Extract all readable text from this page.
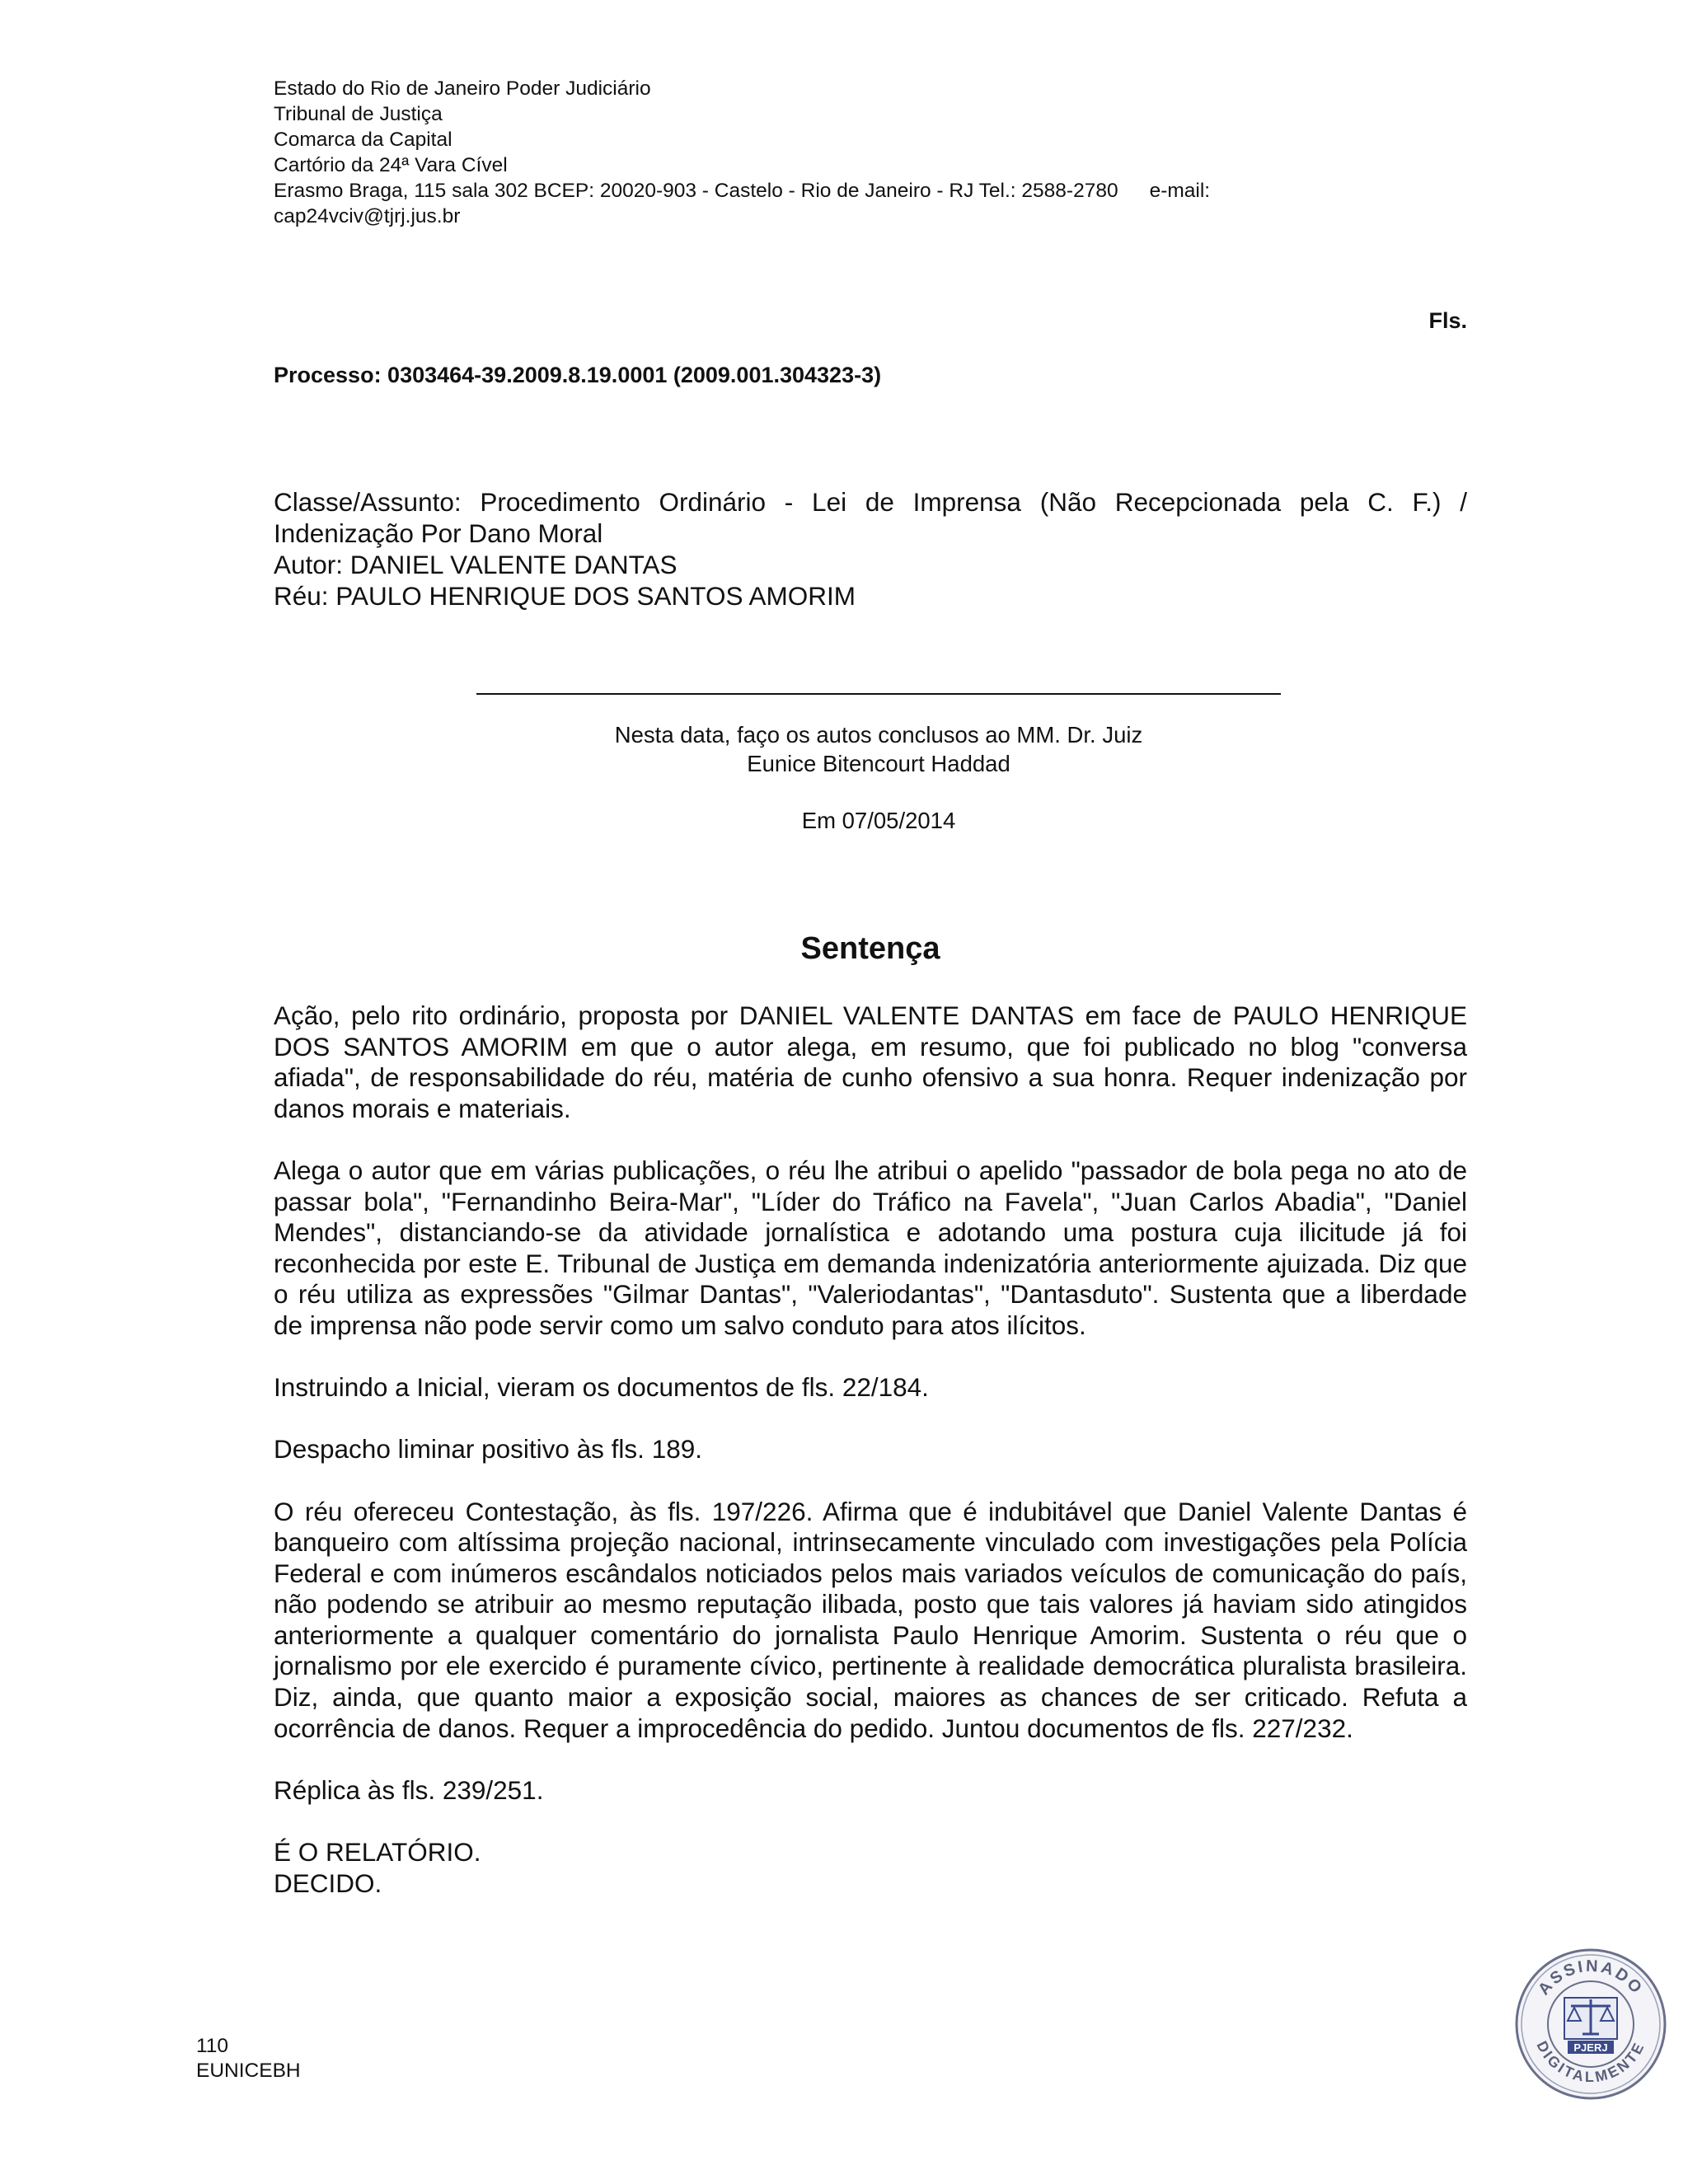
Estado do Rio de Janeiro Poder Judiciário
Tribunal de Justiça
Comarca da Capital
Cartório da 24ª Vara Cível
Erasmo Braga, 115 sala 302 BCEP: 20020-903 - Castelo - Rio de Janeiro - RJ Tel.: 2588-2780 e-mail:
cap24vciv@tjrj.jus.br
Fls.
Processo: 0303464-39.2009.8.19.0001 (2009.001.304323-3)
Classe/Assunto: Procedimento Ordinário - Lei de Imprensa (Não Recepcionada pela C. F.) /
Indenização Por Dano Moral
Autor: DANIEL VALENTE DANTAS
Réu: PAULO HENRIQUE DOS SANTOS AMORIM
Nesta data, faço os autos conclusos ao MM. Dr. Juiz
Eunice Bitencourt Haddad
Em 07/05/2014
Sentença

Ação, pelo rito ordinário, proposta por DANIEL VALENTE DANTAS em face de PAULO HENRIQUE DOS SANTOS AMORIM em que o autor alega, em resumo, que foi publicado no blog "conversa afiada", de responsabilidade do réu, matéria de cunho ofensivo a sua honra. Requer indenização por danos morais e materiais.

Alega o autor que em várias publicações, o réu lhe atribui o apelido "passador de bola pega no ato de passar bola", "Fernandinho Beira-Mar", "Líder do Tráfico na Favela", "Juan Carlos Abadia", "Daniel Mendes", distanciando-se da atividade jornalística e adotando uma postura cuja ilicitude já foi reconhecida por este E. Tribunal de Justiça em demanda indenizatória anteriormente ajuizada. Diz que o réu utiliza as expressões "Gilmar Dantas", "Valeriodantas", "Dantasduto". Sustenta que a liberdade de imprensa não pode servir como um salvo conduto para atos ilícitos.

Instruindo a Inicial, vieram os documentos de fls. 22/184.

Despacho liminar positivo às fls. 189.

O réu ofereceu Contestação, às fls. 197/226. Afirma que é indubitável que Daniel Valente Dantas é banqueiro com altíssima projeção nacional, intrinsecamente vinculado com investigações pela Polícia Federal e com inúmeros escândalos noticiados pelos mais variados veículos de comunicação do país, não podendo se atribuir ao mesmo reputação ilibada, posto que tais valores já haviam sido atingidos anteriormente a qualquer comentário do jornalista Paulo Henrique Amorim. Sustenta o réu que o jornalismo por ele exercido é puramente cívico, pertinente à realidade democrática pluralista brasileira. Diz, ainda, que quanto maior a exposição social, maiores as chances de ser criticado. Refuta a ocorrência de danos. Requer a improcedência do pedido. Juntou documentos de fls. 227/232.

Réplica às fls. 239/251.

É O RELATÓRIO.

DECIDO.

110
EUNICEBH
ASSINADO
DIGITALMENTE
PJERJ
